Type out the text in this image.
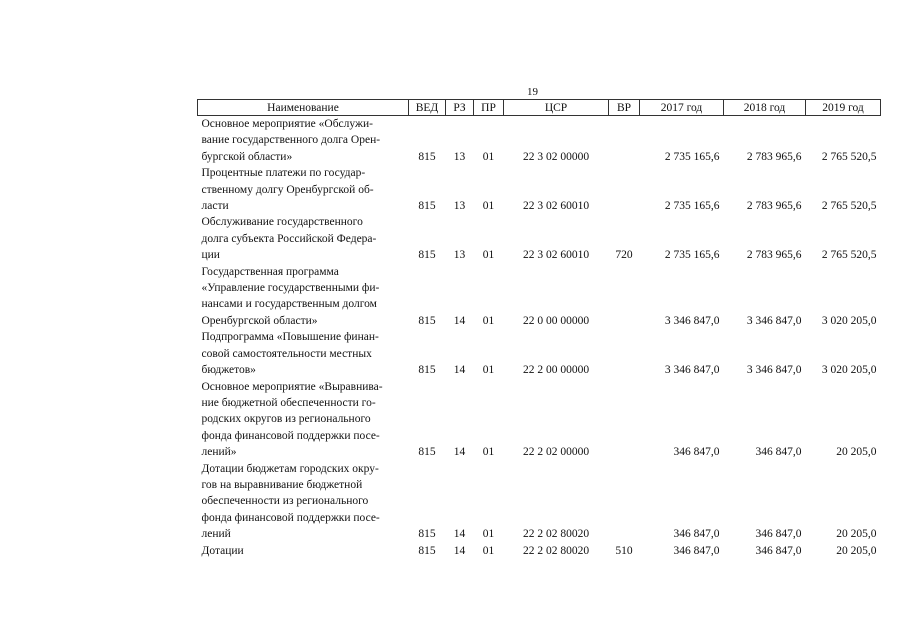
19
Наименование	ВЕД	РЗ	ПР	ЦСР	ВР	2017 год	2018 год	2019 год

Основное мероприятие «Обслужи-
вание государственного долга Орен-
бургской области»	815	13	01	22 3 02 00000		2 735 165,6	2 783 965,6	2 765 520,5

Процентные платежи по государ-
ственному долгу Оренбургской об-
ласти	815	13	01	22 3 02 60010		2 735 165,6	2 783 965,6	2 765 520,5

Обслуживание государственного
долга субъекта Российской Федера-
ции	815	13	01	22 3 02 60010	720	2 735 165,6	2 783 965,6	2 765 520,5

Государственная программа
«Управление государственными фи-
нансами и государственным долгом
Оренбургской области»	815	14	01	22 0 00 00000		3 346 847,0	3 346 847,0	3 020 205,0

Подпрограмма «Повышение финан-
совой самостоятельности местных
бюджетов»	815	14	01	22 2 00 00000		3 346 847,0	3 346 847,0	3 020 205,0

Основное мероприятие «Выравнива-
ние бюджетной обеспеченности го-
родских округов из регионального
фонда финансовой поддержки посе-
лений»	815	14	01	22 2 02 00000		346 847,0	346 847,0	20 205,0

Дотации бюджетам городских окру-
гов на выравнивание бюджетной
обеспеченности из регионального
фонда финансовой поддержки посе-
лений	815	14	01	22 2 02 80020		346 847,0	346 847,0	20 205,0

Дотации	815	14	01	22 2 02 80020	510	346 847,0	346 847,0	20 205,0
